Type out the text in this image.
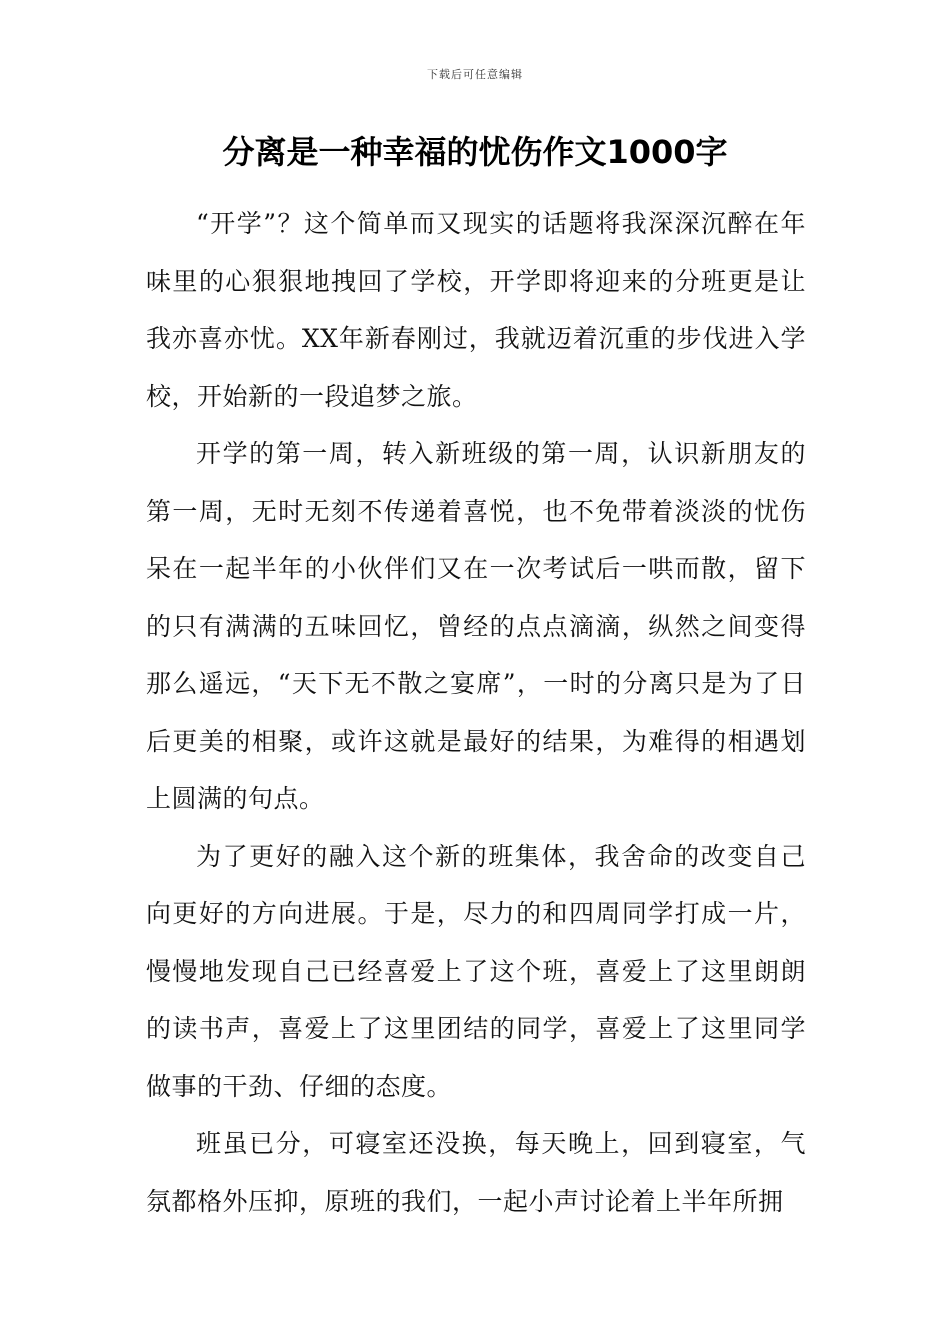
下载后可任意编辑
分离是一种幸福的忧伤作文1000字

“开学”？这个简单而又现实的话题将我深深沉醉在年味里的心狠狠地拽回了学校，开学即将迎来的分班更是让我亦喜亦忧。XX年新春刚过，我就迈着沉重的步伐进入学校，开始新的一段追梦之旅。

开学的第一周，转入新班级的第一周，认识新朋友的第一周，无时无刻不传递着喜悦，也不免带着淡淡的忧伤呆在一起半年的小伙伴们又在一次考试后一哄而散，留下的只有满满的五味回忆，曾经的点点滴滴，纵然之间变得那么遥远，“天下无不散之宴席”，一时的分离只是为了日后更美的相聚，或许这就是最好的结果，为难得的相遇划上圆满的句点。

为了更好的融入这个新的班集体，我舍命的改变自己向更好的方向进展。于是，尽力的和四周同学打成一片，慢慢地发现自己已经喜爱上了这个班，喜爱上了这里朗朗的读书声，喜爱上了这里团结的同学，喜爱上了这里同学做事的干劲、仔细的态度。

班虽已分，可寝室还没换，每天晚上，回到寝室，气氛都格外压抑，原班的我们，一起小声讨论着上半年所拥
